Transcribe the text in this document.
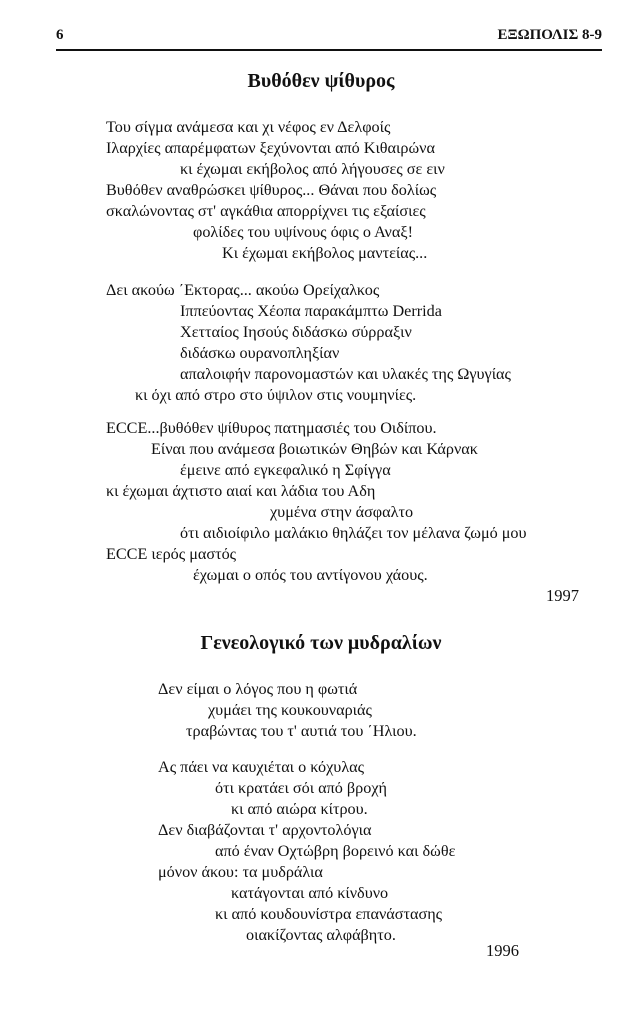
6	ΕΞΩΠΟΛΙΣ 8-9
Βυθόθεν ψίθυρος
Του σίγμα ανάμεσα και χι νέφος εν Δελφοίς
Ιλαρχίες απαρέμφατων ξεχύνονται από Κιθαιρώνα
κι έχωμαι εκήβολος από λήγουσες σε ειν
Βυθόθεν αναθρώσκει ψίθυρος... Θάναι που δολίως
σκαλώνοντας στ' αγκάθια απορρίχνει τις εξαίσιες
φολίδες του υψίνους όφις ο Αναξ!
Κι έχωμαι εκήβολος μαντείας...
Δει ακούω ΄Εκτορας... ακούω Ορείχαλκος
Ιππεύοντας Χέοπα παρακάμπτω Derrida
Χετταίος Ιησούς διδάσκω σύρραξιν
διδάσκω ουρανοπληξίαν
απαλοιφήν παρονομαστών και υλακές της Ωγυγίας
κι όχι από στρο στο ύψιλον στις νουμηνίες.
ECCE...βυθόθεν ψίθυρος πατημασιές του Οιδίπου.
Είναι που ανάμεσα βοιωτικών Θηβών και Κάρνακ
έμεινε από εγκεφαλικό η Σφίγγα
κι έχωμαι άχτιστο αιαί και λάδια του Αδη
χυμένα στην άσφαλτο
ότι αιδιοίφιλο μαλάκιο θηλάζει τον μέλανα ζωμό μου
ECCE ιερός μαστός
έχωμαι ο οπός του αντίγονου χάους.
1997
Γενεολογικό των μυδραλίων
Δεν είμαι ο λόγος που η φωτιά
χυμάει της κουκουναριάς
τραβώντας του τ' αυτιά του ΄Ηλιου.
Ας πάει να καυχιέται ο κόχυλας
ότι κρατάει σόι από βροχή
κι από αιώρα κίτρου.
Δεν διαβάζονται τ' αρχοντολόγια
από έναν Οχτώβρη βορεινό και δώθε
μόνον άκου: τα μυδράλια
κατάγονται από κίνδυνο
κι από κουδουνίστρα επανάστασης
οιακίζοντας αλφάβητο.
1996
